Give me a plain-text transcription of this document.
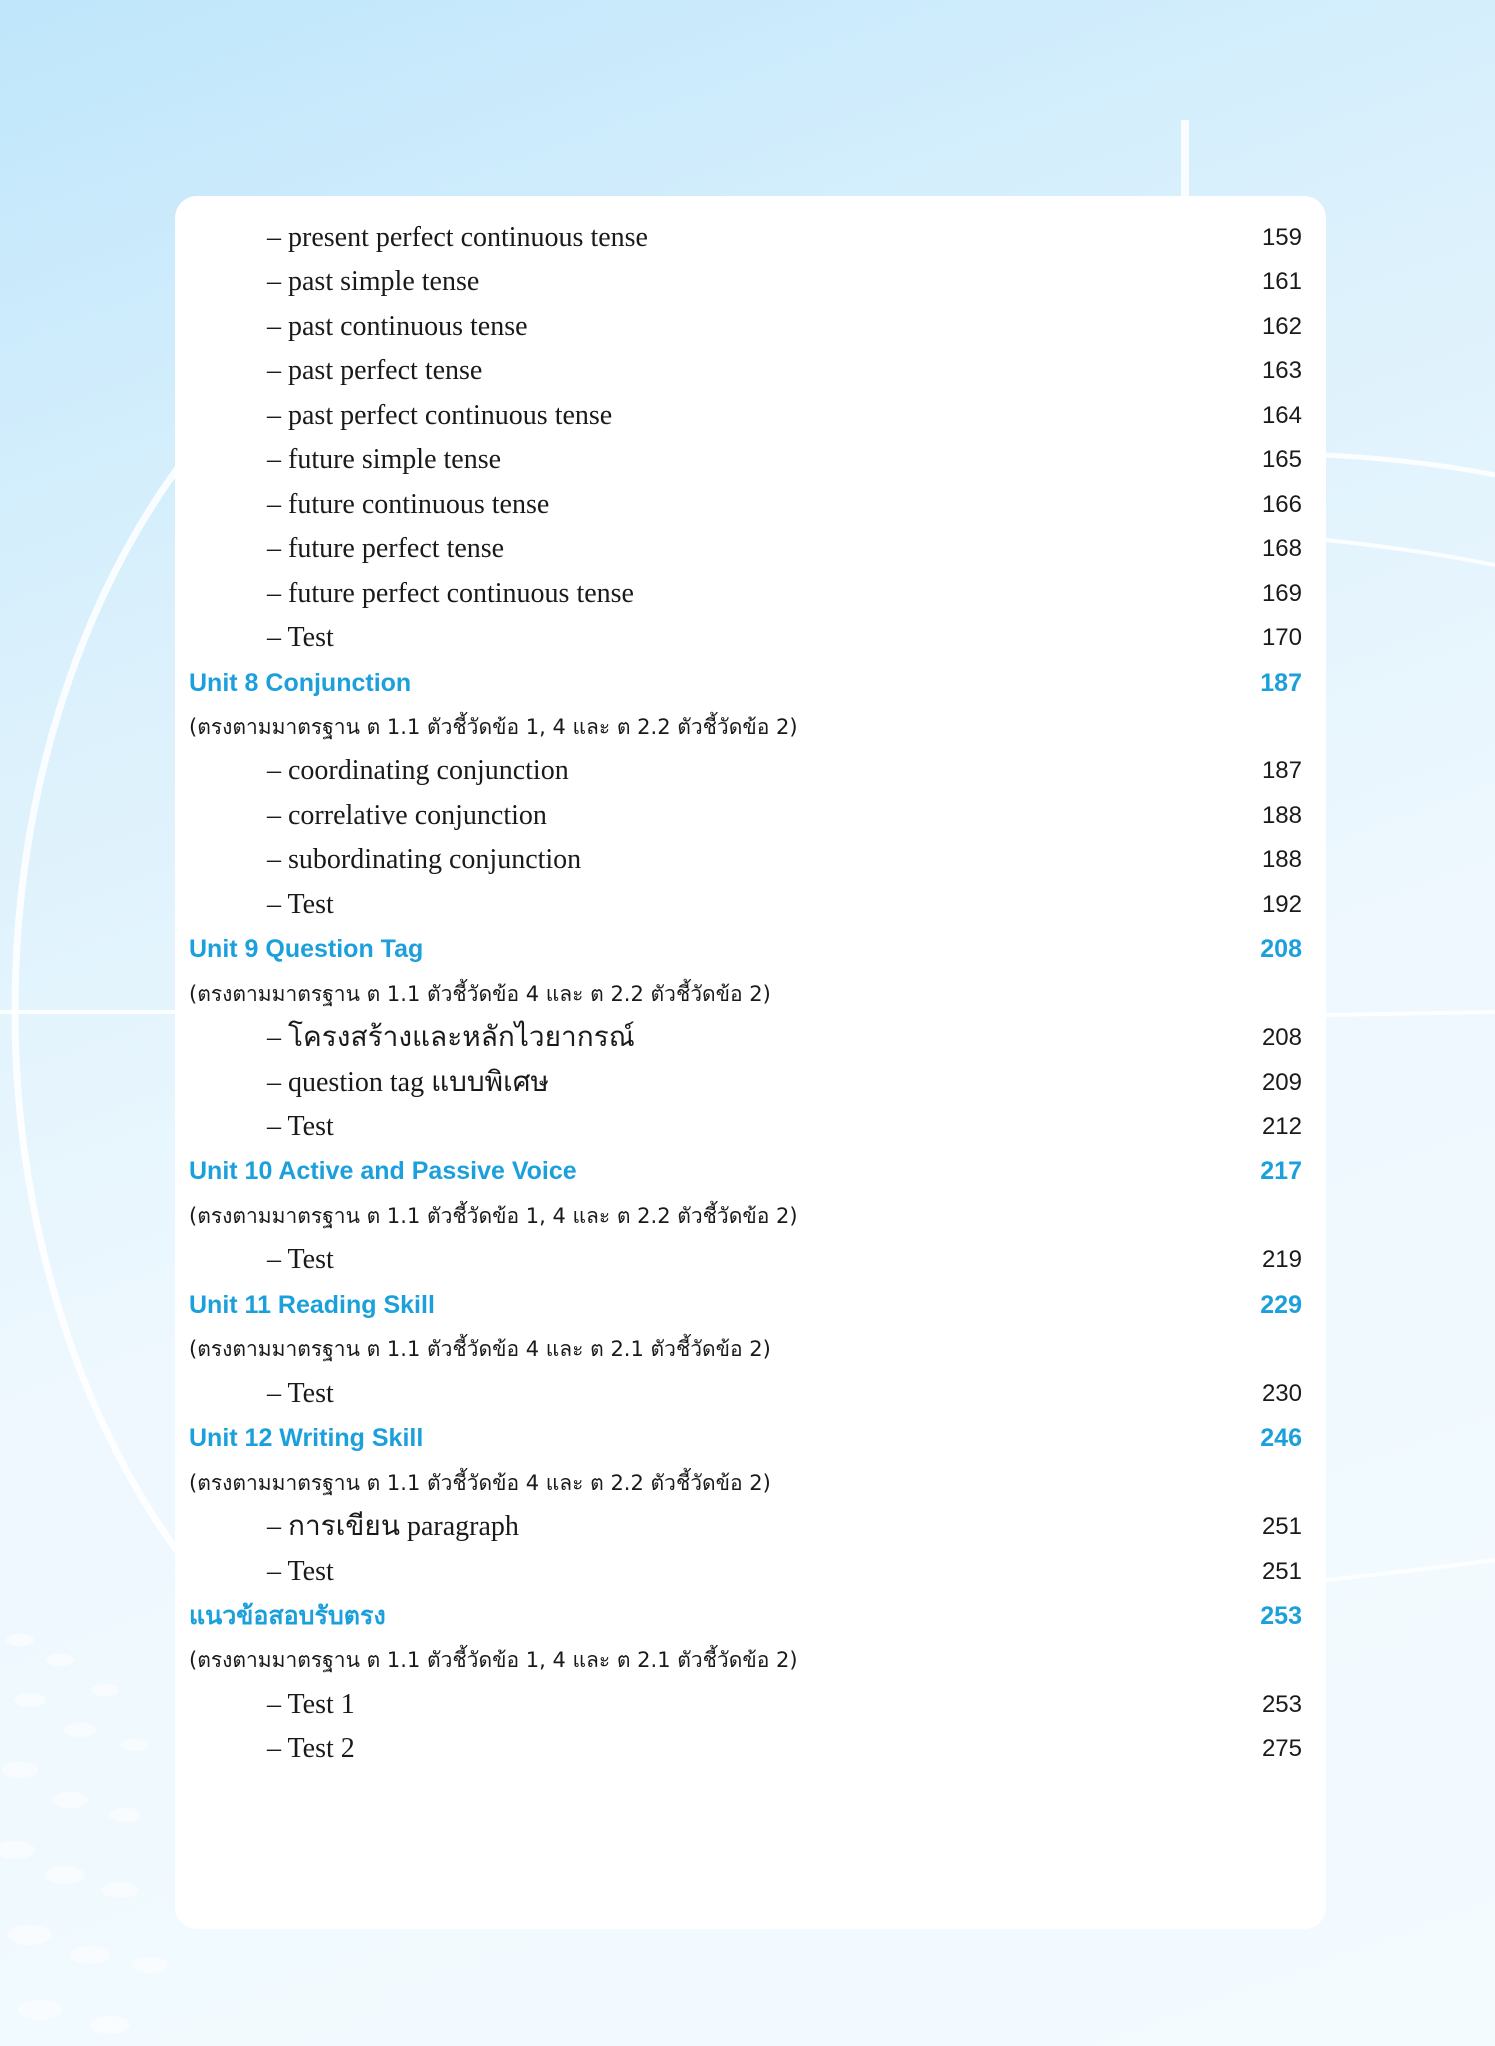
– present perfect continuous tense	159
– past simple tense	161
– past continuous tense	162
– past perfect tense	163
– past perfect continuous tense	164
– future simple tense	165
– future continuous tense	166
– future perfect tense	168
– future perfect continuous tense	169
– Test	170
Unit 8 Conjunction	187
(ตรงตามมาตรฐาน ต 1.1 ตัวชี้วัดข้อ 1, 4 และ ต 2.2 ตัวชี้วัดข้อ 2)
– coordinating conjunction	187
– correlative conjunction	188
– subordinating conjunction	188
– Test	192
Unit 9 Question Tag	208
(ตรงตามมาตรฐาน ต 1.1 ตัวชี้วัดข้อ 4 และ ต 2.2 ตัวชี้วัดข้อ 2)
– โครงสร้างและหลักไวยากรณ์	208
– question tag แบบพิเศษ	209
– Test	212
Unit 10 Active and Passive Voice	217
(ตรงตามมาตรฐาน ต 1.1 ตัวชี้วัดข้อ 1, 4 และ ต 2.2 ตัวชี้วัดข้อ 2)
– Test	219
Unit 11 Reading Skill	229
(ตรงตามมาตรฐาน ต 1.1 ตัวชี้วัดข้อ 4 และ ต 2.1 ตัวชี้วัดข้อ 2)
– Test	230
Unit 12 Writing Skill	246
(ตรงตามมาตรฐาน ต 1.1 ตัวชี้วัดข้อ 4 และ ต 2.2 ตัวชี้วัดข้อ 2)
– การเขียน paragraph	251
– Test	251
แนวข้อสอบรับตรง	253
(ตรงตามมาตรฐาน ต 1.1 ตัวชี้วัดข้อ 1, 4 และ ต 2.1 ตัวชี้วัดข้อ 2)
– Test 1	253
– Test 2	275
